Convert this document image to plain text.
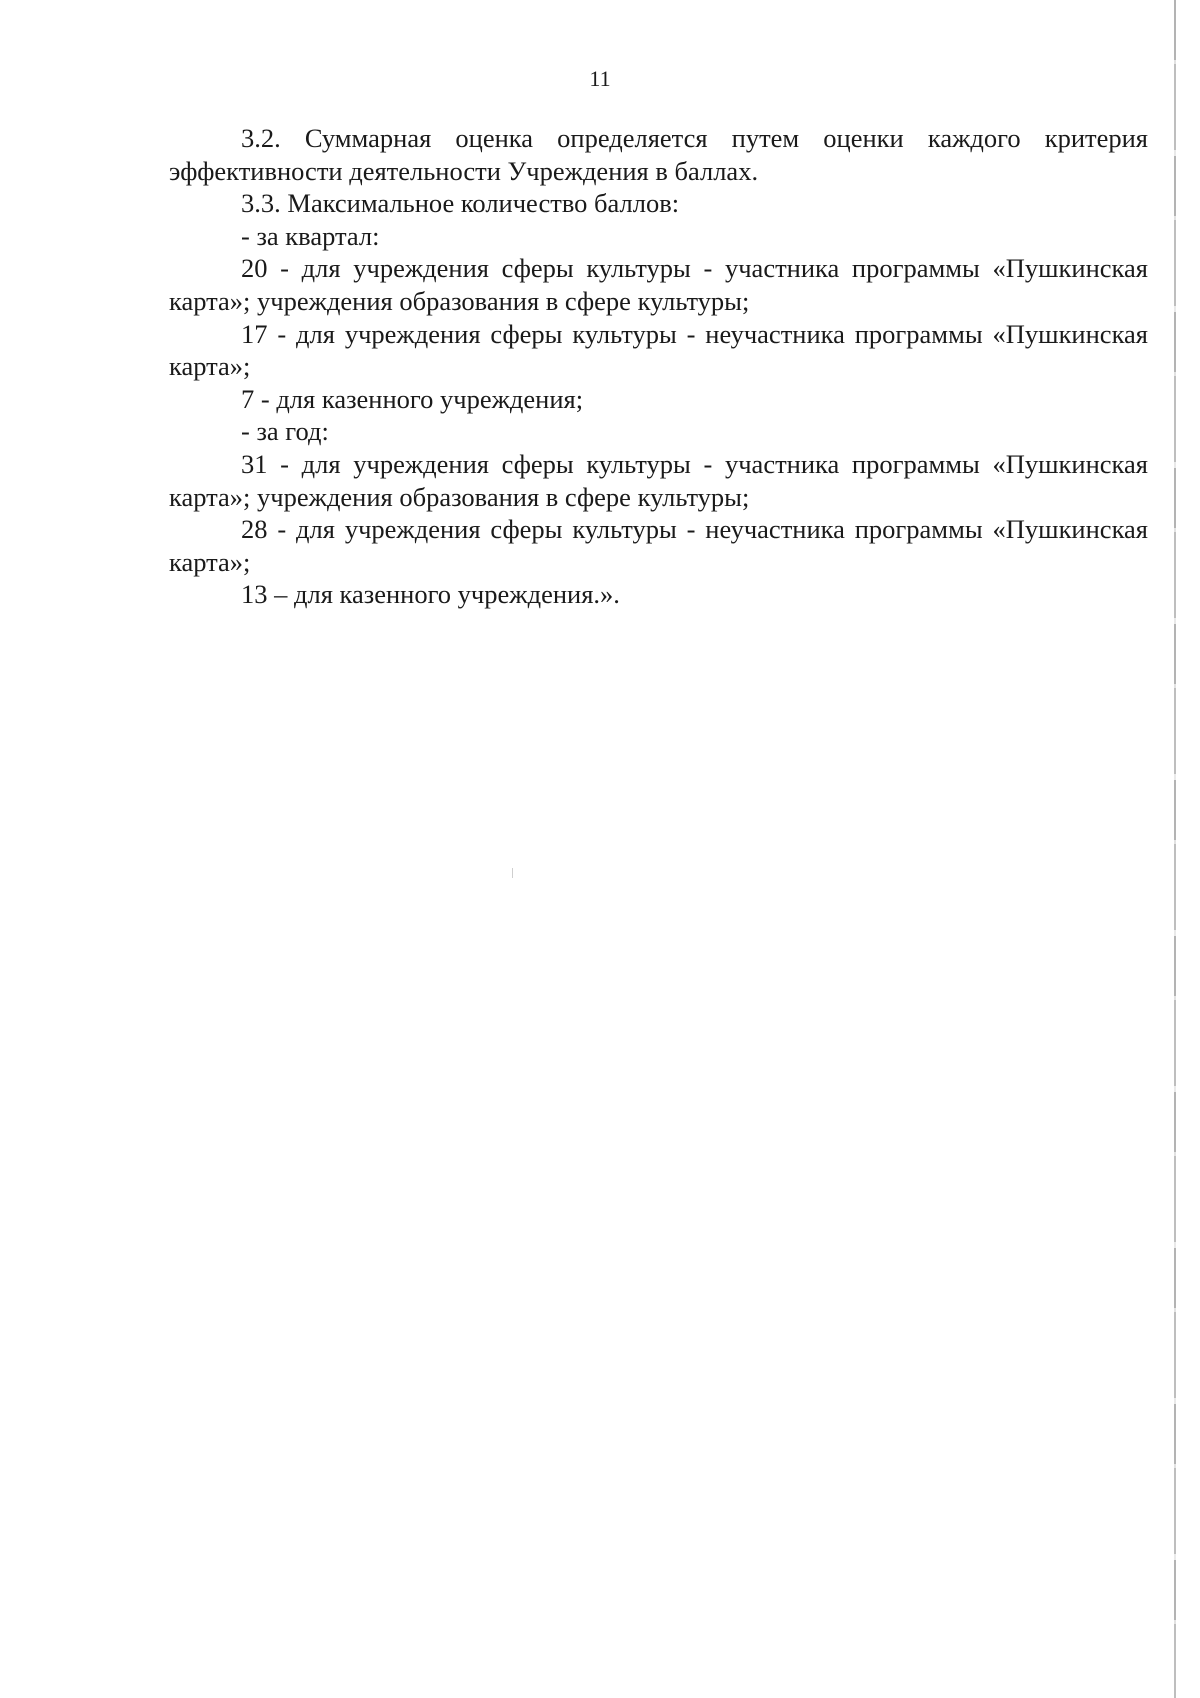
11

3.2. Суммарная оценка определяется путем оценки каждого критерия эффективности деятельности Учреждения в баллах.

3.3. Максимальное количество баллов:

- за квартал:

20 - для учреждения сферы культуры - участника программы «Пушкинская карта»; учреждения образования в сфере культуры;

17 - для учреждения сферы культуры - неучастника программы «Пушкинская карта»;

7 - для казенного учреждения;

- за год:

31 - для учреждения сферы культуры - участника программы «Пушкинская карта»; учреждения образования в сфере культуры;

28 - для учреждения сферы культуры - неучастника программы «Пушкинская карта»;

13 – для казенного учреждения.».
